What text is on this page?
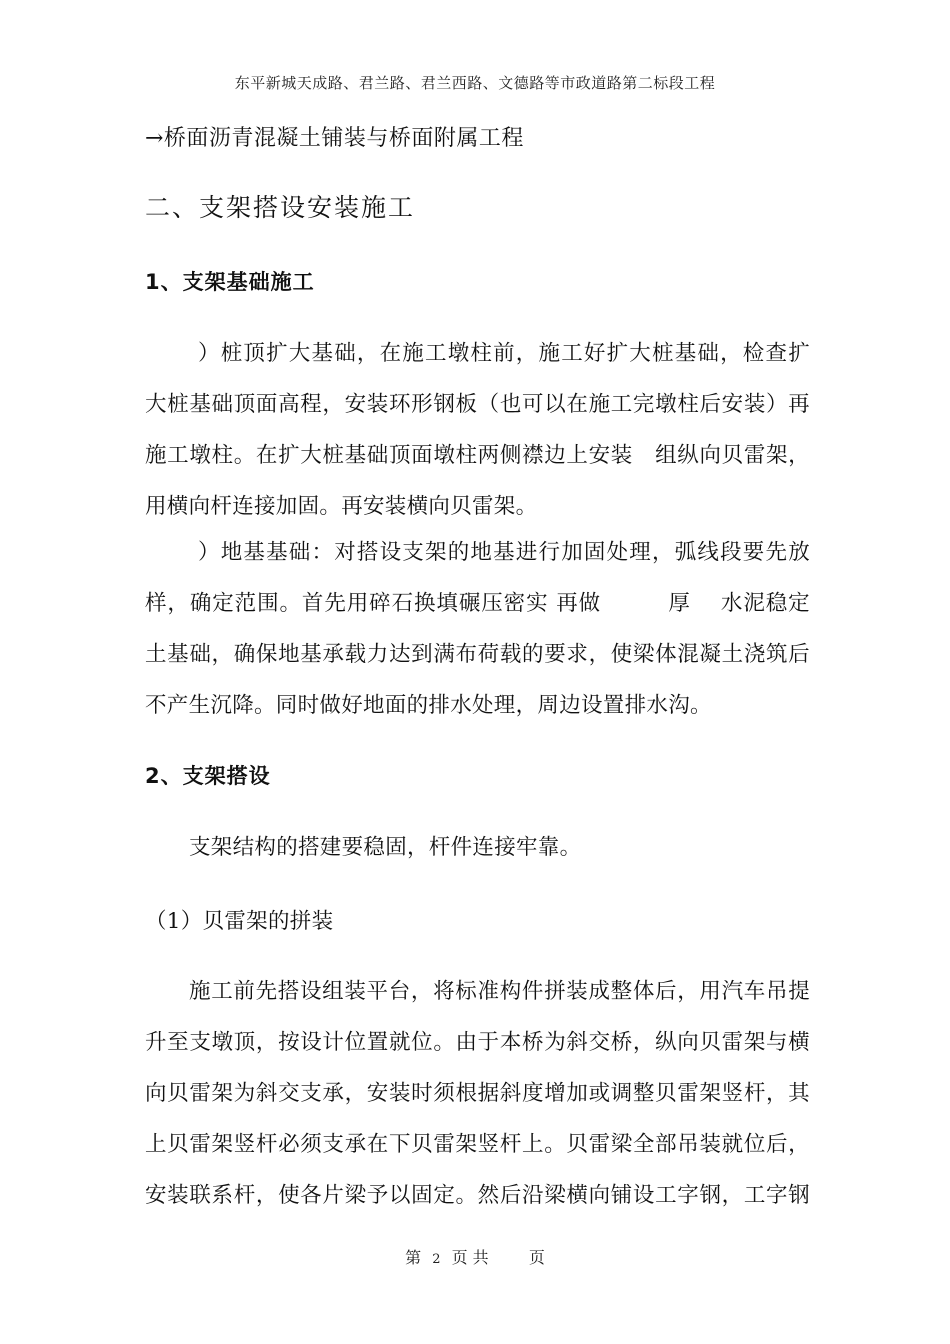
东平新城天成路、君兰路、君兰西路、文德路等市政道路第二标段工程
→桥面沥青混凝土铺装与桥面附属工程
二、支架搭设安装施工
1、支架基础施工
）桩顶扩大基础，在施工墩柱前，施工好扩大桩基础，检查扩
大桩基础顶面高程，安装环形钢板（也可以在施工完墩柱后安装）再
施工墩柱。在扩大桩基础顶面墩柱两侧襟边上安装　组纵向贝雷架，
用横向杆连接加固。再安装横向贝雷架。
）地基基础：对搭设支架的地基进行加固处理，弧线段要先放
样，确定范围。首先用碎石换填碾压密实 再做　　　厚　 水泥稳定
土基础，确保地基承载力达到满布荷载的要求，使梁体混凝土浇筑后
不产生沉降。同时做好地面的排水处理，周边设置排水沟。
2、支架搭设
支架结构的搭建要稳固，杆件连接牢靠。
（1）贝雷架的拼装
施工前先搭设组装平台，将标准构件拼装成整体后，用汽车吊提
升至支墩顶，按设计位置就位。由于本桥为斜交桥，纵向贝雷架与横
向贝雷架为斜交支承，安装时须根据斜度增加或调整贝雷架竖杆，其
上贝雷架竖杆必须支承在下贝雷架竖杆上。贝雷梁全部吊装就位后，
安装联系杆，使各片梁予以固定。然后沿梁横向铺设工字钢，工字钢
第 2 页 共	页
